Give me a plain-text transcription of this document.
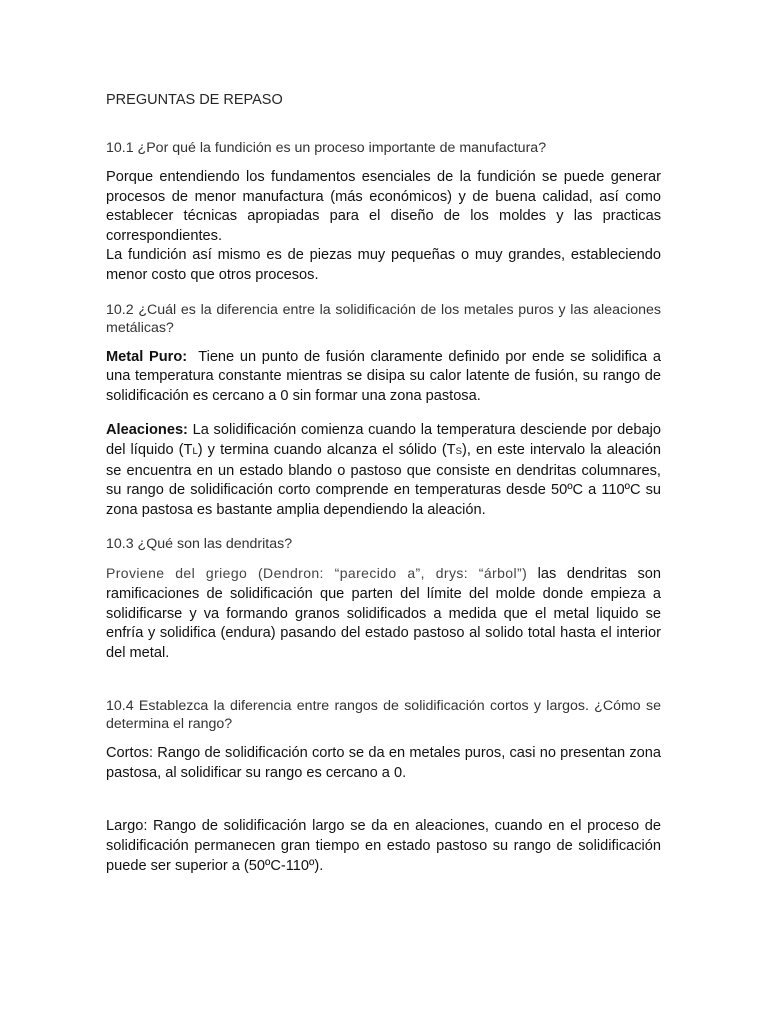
PREGUNTAS DE REPASO

10.1 ¿Por qué la fundición es un proceso importante de manufactura?

Porque entendiendo los fundamentos esenciales de la fundición se puede generar procesos de menor manufactura (más económicos) y de buena calidad, así como establecer técnicas apropiadas para el diseño de los moldes y las practicas correspondientes.

La fundición así mismo es de piezas muy pequeñas o muy grandes, estableciendo menor costo que otros procesos.

10.2 ¿Cuál es la diferencia entre la solidificación de los metales puros y las aleaciones metálicas?

Metal Puro: Tiene un punto de fusión claramente definido por ende se solidifica a una temperatura constante mientras se disipa su calor latente de fusión, su rango de solidificación es cercano a 0 sin formar una zona pastosa.

Aleaciones: La solidificación comienza cuando la temperatura desciende por debajo del líquido (TL) y termina cuando alcanza el sólido (TS), en este intervalo la aleación se encuentra en un estado blando o pastoso que consiste en dendritas columnares, su rango de solidificación corto comprende en temperaturas desde 50ºC a 110ºC su zona pastosa es bastante amplia dependiendo la aleación.

10.3 ¿Qué son las dendritas?

Proviene del griego (Dendron: “parecido a”, drys: “árbol”) las dendritas son ramificaciones de solidificación que parten del límite del molde donde empieza a solidificarse y va formando granos solidificados a medida que el metal liquido se enfría y solidifica (endura) pasando del estado pastoso al solido total hasta el interior del metal.

10.4 Establezca la diferencia entre rangos de solidificación cortos y largos. ¿Cómo se determina el rango?

Cortos: Rango de solidificación corto se da en metales puros, casi no presentan zona pastosa, al solidificar su rango es cercano a 0.

Largo: Rango de solidificación largo se da en aleaciones, cuando en el proceso de solidificación permanecen gran tiempo en estado pastoso su rango de solidificación puede ser superior a (50ºC-110º).
